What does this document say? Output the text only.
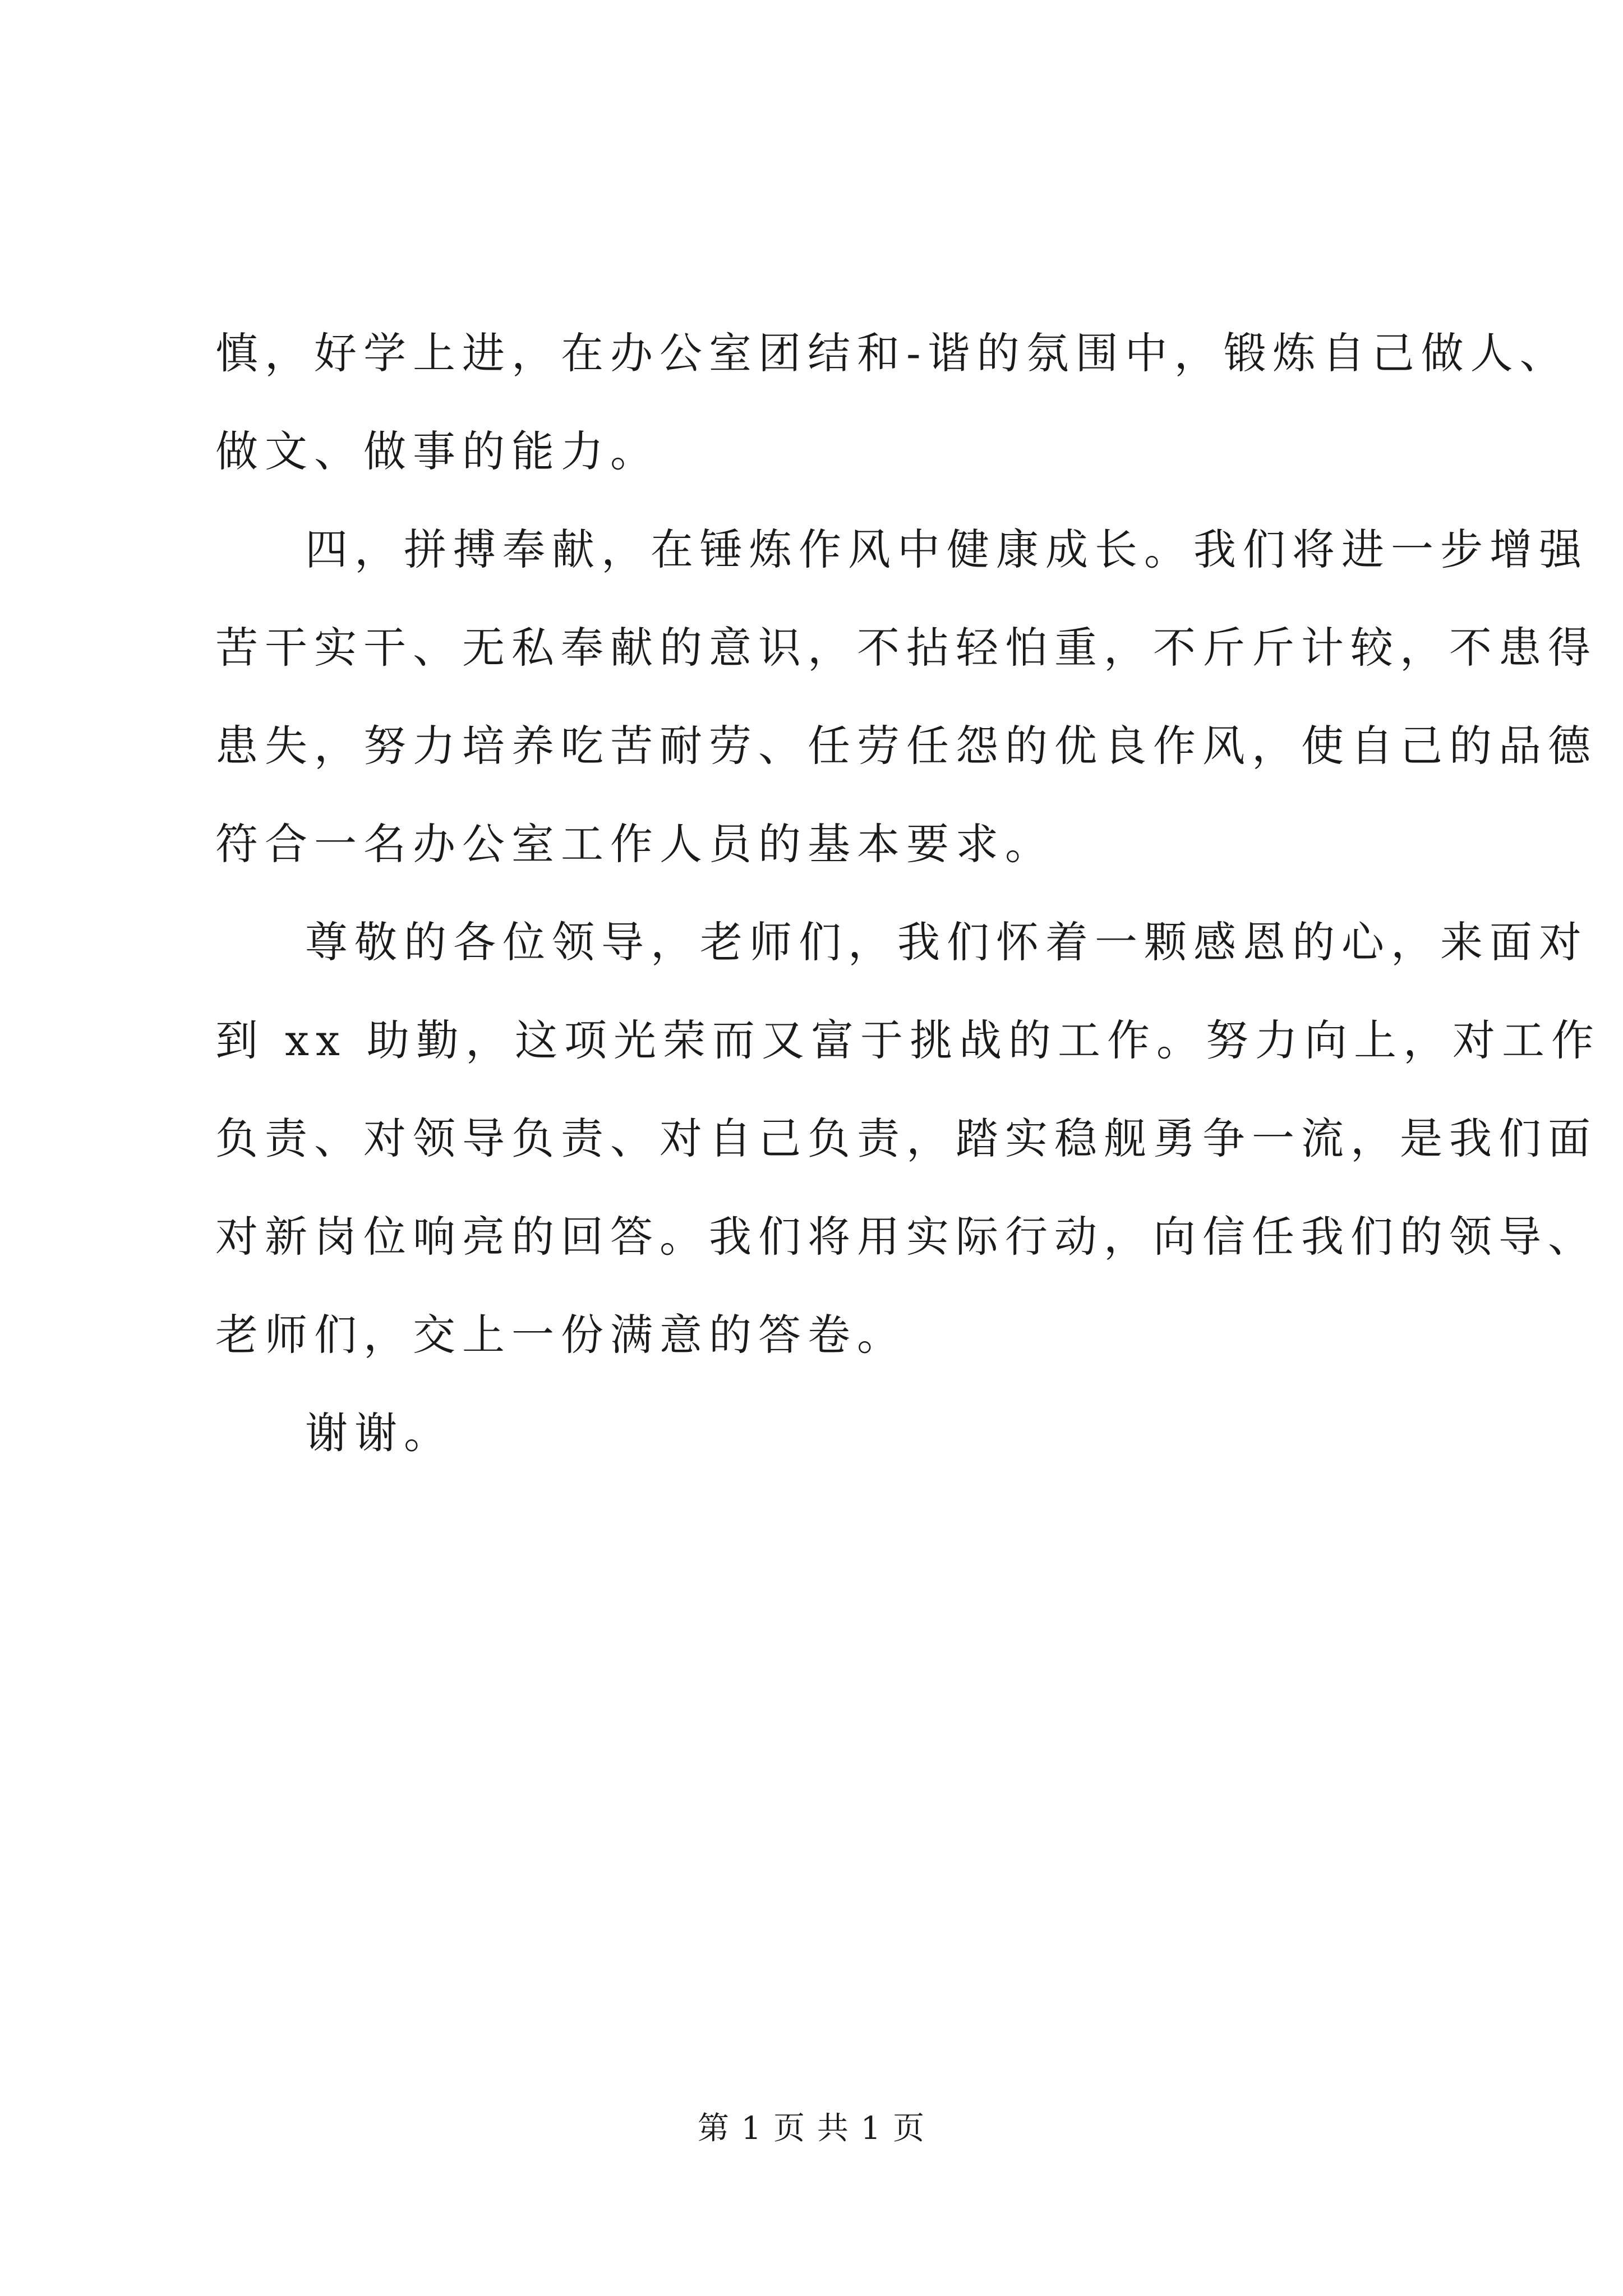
慎，好学上进，在办公室团结和-谐的氛围中，锻炼自己做人、
做文、做事的能力。
四，拼搏奉献，在锤炼作风中健康成长。我们将进一步增强
苦干实干、无私奉献的意识，不拈轻怕重，不斤斤计较，不患得
患失，努力培养吃苦耐劳、任劳任怨的优良作风，使自己的品德
符合一名办公室工作人员的基本要求。
尊敬的各位领导，老师们，我们怀着一颗感恩的心，来面对
到 xx 助勤，这项光荣而又富于挑战的工作。努力向上，对工作
负责、对领导负责、对自己负责，踏实稳舰勇争一流，是我们面
对新岗位响亮的回答。我们将用实际行动，向信任我们的领导、
老师们，交上一份满意的答卷。
谢谢。
第 1 页 共 1 页
